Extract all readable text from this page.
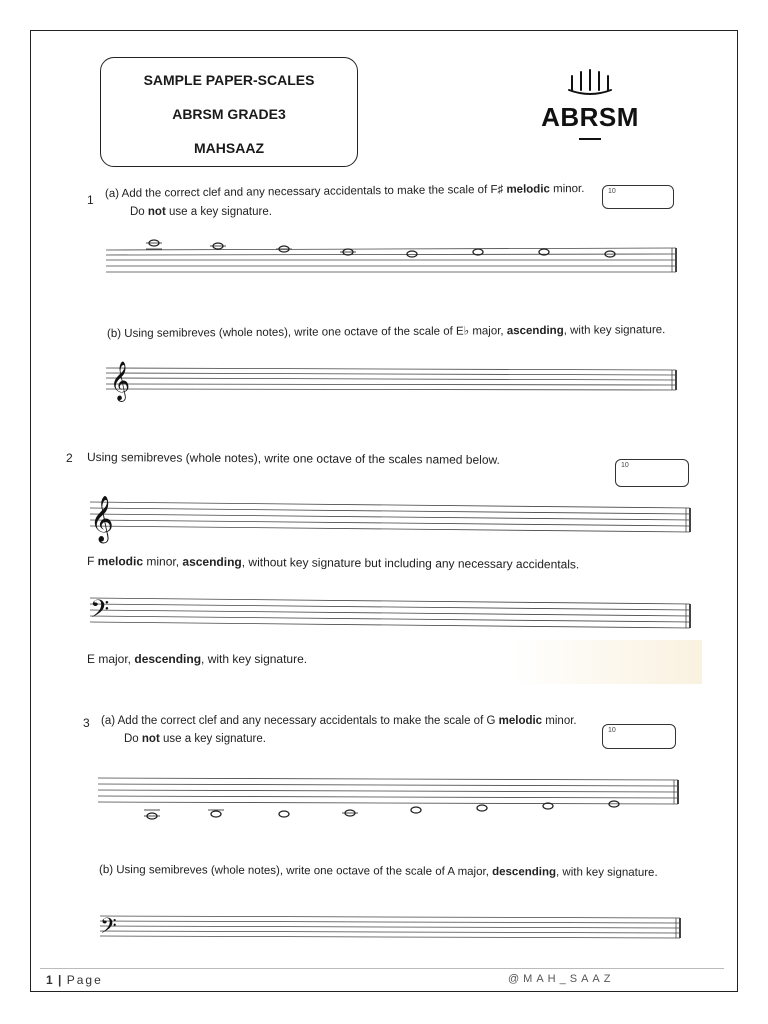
SAMPLE PAPER-SCALES
ABRSM GRADE3
MAHSAAZ
ABRSM
1 (a) Add the correct clef and any necessary accidentals to make the scale of F♯ melodic minor.
Do not use a key signature.
10
(b) Using semibreves (whole notes), write one octave of the scale of E♭ major, ascending, with key signature.
𝄞
2 Using semibreves (whole notes), write one octave of the scales named below.	10
𝄞
F melodic minor, ascending, without key signature but including any necessary accidentals.
𝄢
E major, descending, with key signature.
3 (a) Add the correct clef and any necessary accidentals to make the scale of G melodic minor.
Do not use a key signature.
10
(b) Using semibreves (whole notes), write one octave of the scale of A major, descending, with key signature.
𝄢
1 | Page	@MAH_SAAZ
